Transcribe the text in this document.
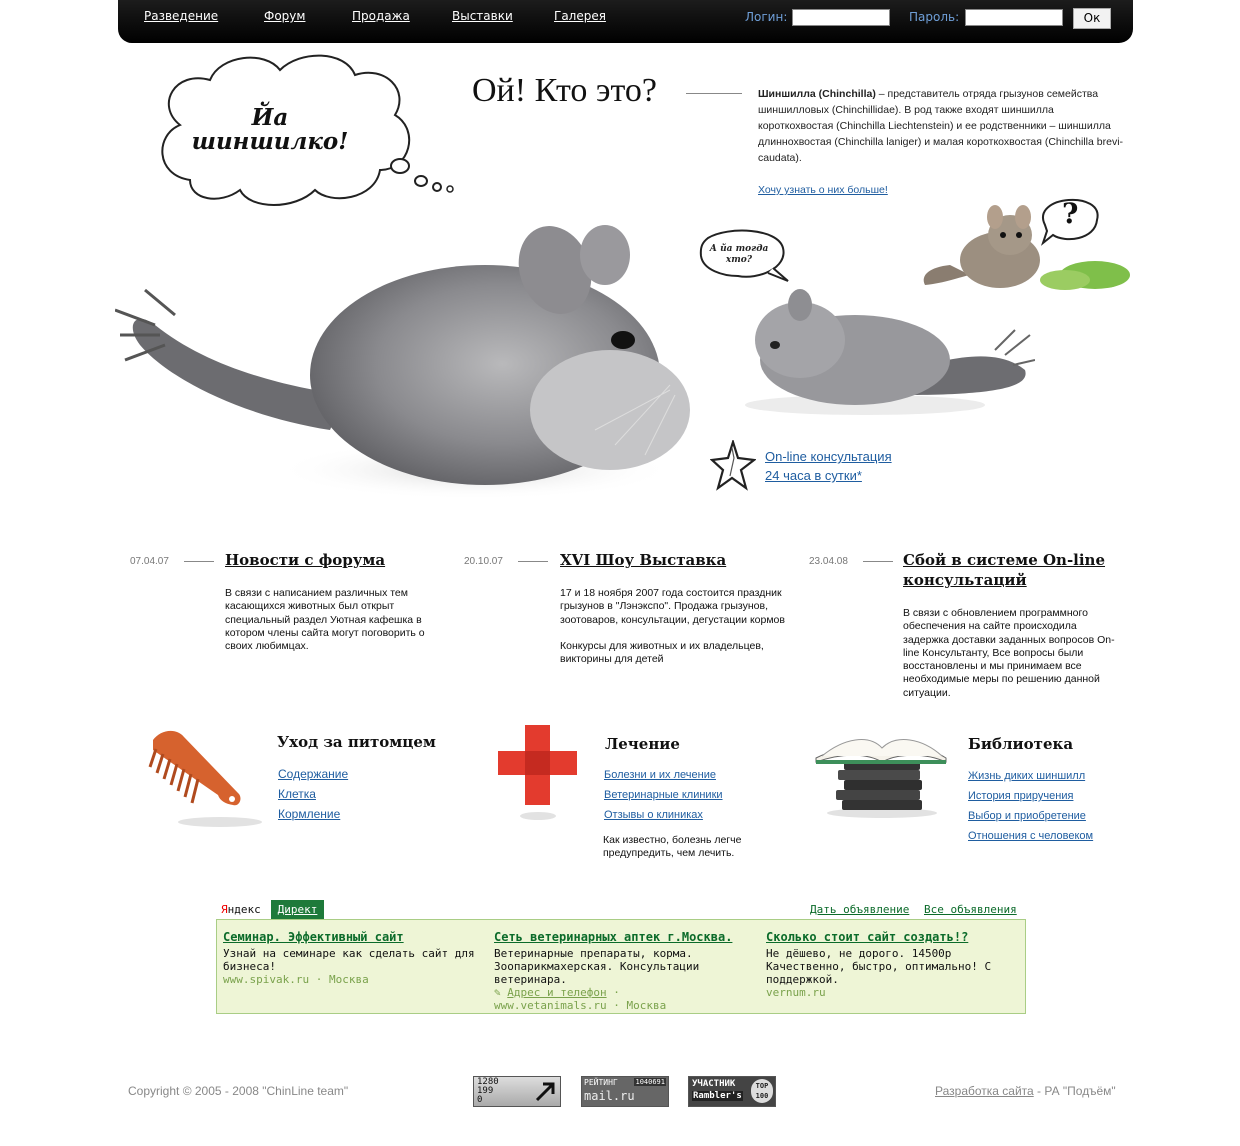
Разведение	Форум	Продажа	Выставки	Галерея	Логин:	Пароль:	Ок
Йа
шиншилко!
Ой! Кто это?	Шиншилла (Chinchilla) – представитель отряда грызунов семейства шиншилловых (Chinchillidae). В род также входят шиншилла короткохвостая (Chinchilla Liechtenstein) и ее родственники – шиншилла длиннохвостая (Chinchilla laniger) и малая короткохвостая (Chinchilla brevi-caudata).
Хочу узнать о них больше!
?
А йа тогда
хто?
On-line консультация
24 часа в сутки*
07.04.07	Новости с форума
В связи с написанием различных тем касающихся животных был открыт специальный раздел Уютная кафешка в котором члены сайта могут поговорить о своих любимцах.
20.10.07	XVI Шоу Выставка
17 и 18 ноября 2007 года состоится праздник грызунов в "Лэнэкспо". Продажа грызунов, зоотоваров, консультации, дегустации кормов
Конкурсы для животных и их владельцев, викторины для детей
23.04.08	Сбой в системе On-line
консультаций
В связи с обновлением программного обеспечения на сайте происходила задержка доставки заданных вопросов On-line Консультанту, Все вопросы были восстановлены и мы принимаем все необходимые меры по решению данной ситуации.
Уход за питомцем
Содержание
Клетка
Кормление
Лечение
Болезни и их лечение
Ветеринарные клиники
Отзывы о клиниках
Как известно, болезнь легче предупредить, чем лечить.
Библиотека
Жизнь диких шиншилл
История приручения
Выбор и приобретение
Отношения с человеком
Яндекс	Директ	Дать объявление Все объявления
Семинар. Эффективный сайт
Узнай на семинаре как сделать сайт для бизнеса!
www.spivak.ru · Москва
Сеть ветеринарных аптек г.Москва.
Ветеринарные препараты, корма. Зоопарикмахерская. Консультации ветеринара.
✎ Адрес и телефон ·
www.vetanimals.ru · Москва
Сколько стоит сайт создать!?
Не дёшево, не дорого. 14500р Качественно, быстро, оптимально! С поддержкой.
vernum.ru
Copyright © 2005 - 2008 "ChinLine team"
1280
199
0
РЕЙТИНГ	1040691
mail.ru
УЧАСТНИК
Rambler's
TOP
100	Разработка сайта - РА "Подъём"
